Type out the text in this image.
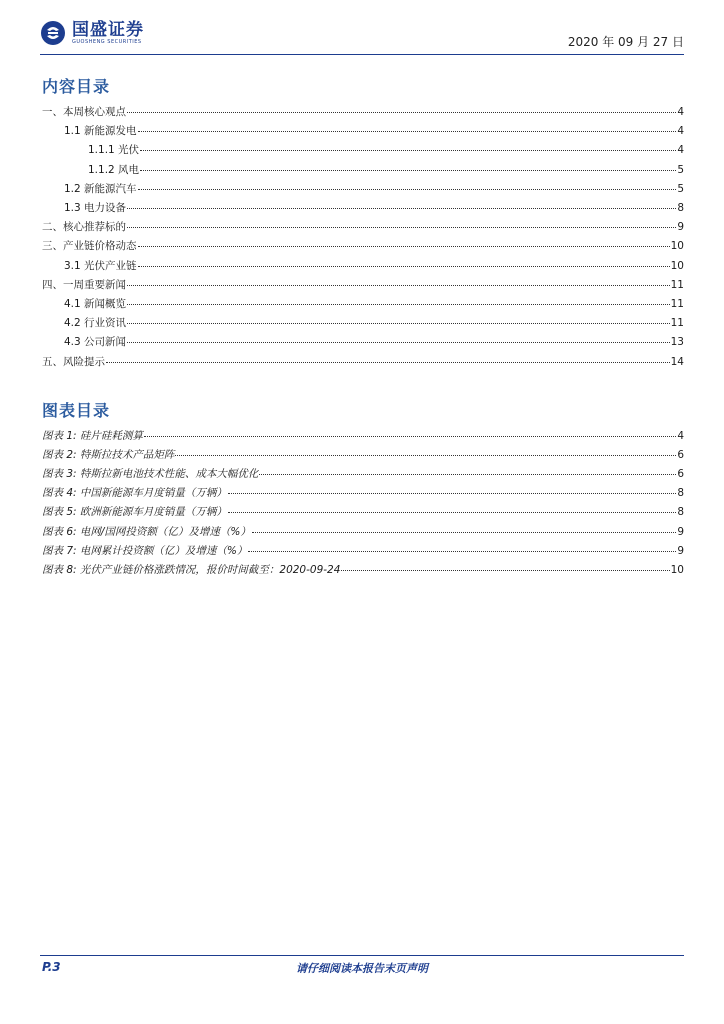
国盛证券
GUOSHENG SECURITIES	2020 年 09 月 27 日
内容目录
一、本周核心观点	4
1.1 新能源发电	4
1.1.1 光伏	4
1.1.2 风电	5
1.2 新能源汽车	5
1.3 电力设备	8
二、核心推荐标的	9
三、产业链价格动态	10
3.1 光伏产业链	10
四、一周重要新闻	11
4.1 新闻概览	11
4.2 行业资讯	11
4.3 公司新闻	13
五、风险提示	14
图表目录
图表 1: 硅片硅耗测算	4
图表 2: 特斯拉技术产品矩阵	6
图表 3: 特斯拉新电池技术性能、成本大幅优化	6
图表 4: 中国新能源车月度销量（万辆）	8
图表 5: 欧洲新能源车月度销量（万辆）	8
图表 6: 电网/国网投资额（亿）及增速（%）	9
图表 7: 电网累计投资额（亿）及增速（%）	9
图表 8: 光伏产业链价格涨跌情况，报价时间截至：2020-09-24	10
P.3	请仔细阅读本报告末页声明
